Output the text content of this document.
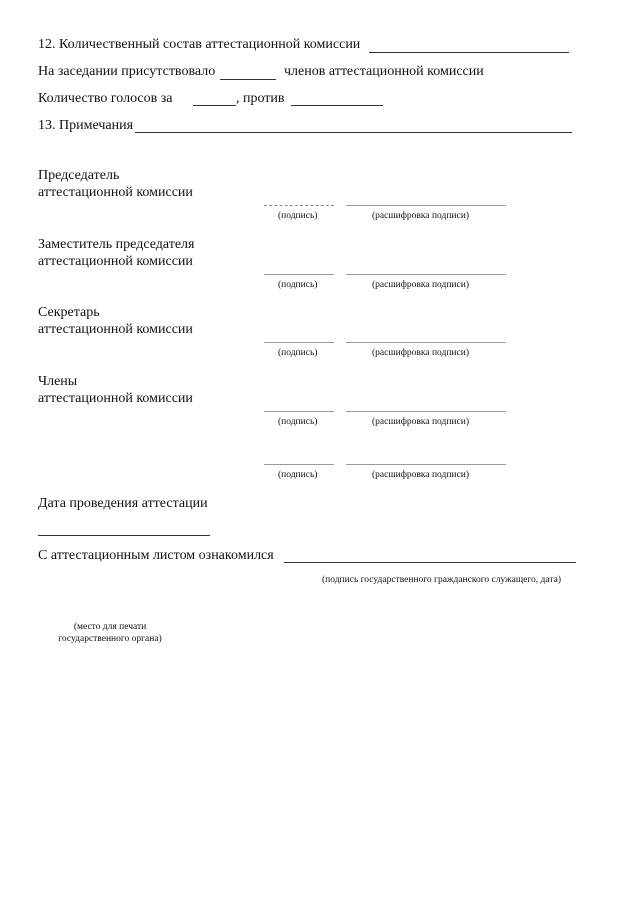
12. Количественный состав аттестационной комиссии
На заседании присутствовало	членов аттестационной комиссии
Количество голосов за	, против
13. Примечания
Председатель
аттестационной комиссии
(подпись)	(расшифровка подписи)
Заместитель председателя
аттестационной комиссии
(подпись)	(расшифровка подписи)
Секретарь
аттестационной комиссии
(подпись)	(расшифровка подписи)
Члены
аттестационной комиссии
(подпись)	(расшифровка подписи)
(подпись)	(расшифровка подписи)
Дата проведения аттестации
С аттестационным листом ознакомился
(подпись государственного гражданского служащего, дата)
(место для печати
государственного органа)
